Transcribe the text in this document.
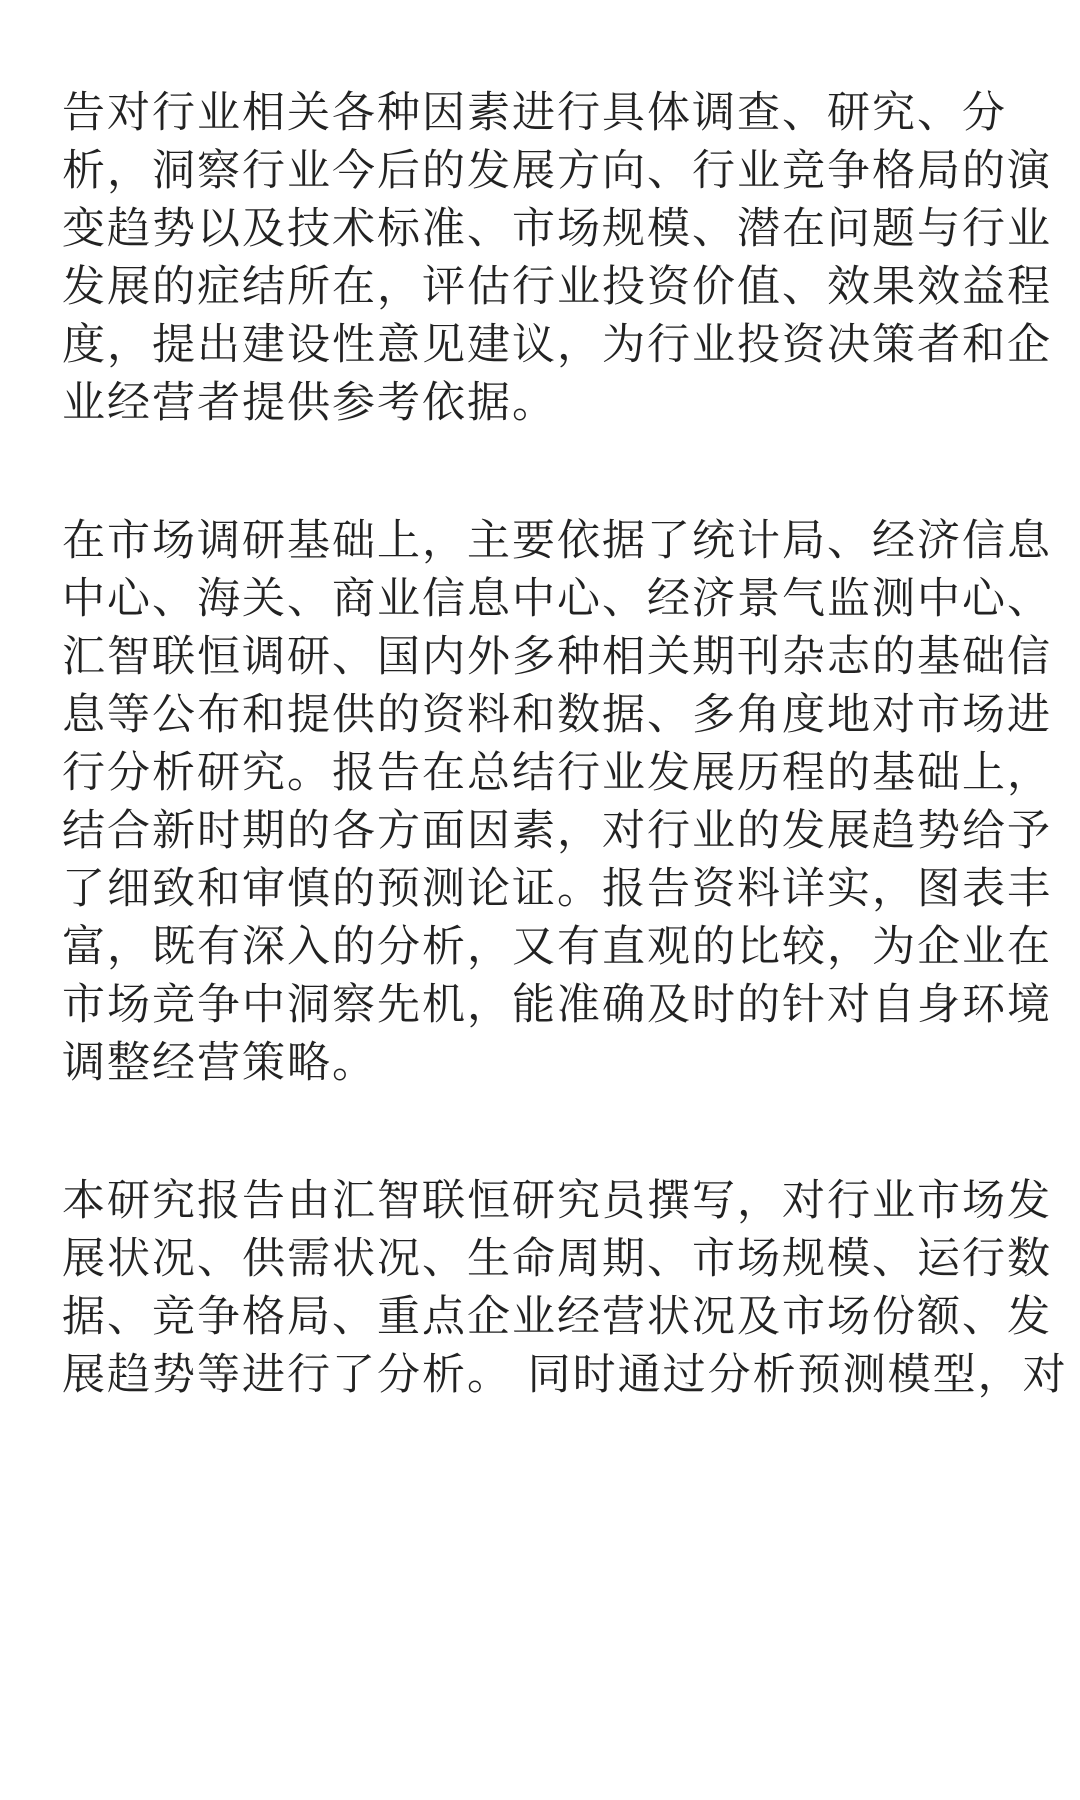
告对行业相关各种因素进行具体调查、研究、分
析，洞察行业今后的发展方向、行业竞争格局的演
变趋势以及技术标准、市场规模、潜在问题与行业
发展的症结所在，评估行业投资价值、效果效益程
度，提出建设性意见建议，为行业投资决策者和企
业经营者提供参考依据。
在市场调研基础上，主要依据了统计局、经济信息
中心、海关、商业信息中心、经济景气监测中心、
汇智联恒调研、国内外多种相关期刊杂志的基础信
息等公布和提供的资料和数据、多角度地对市场进
行分析研究。报告在总结行业发展历程的基础上，
结合新时期的各方面因素，对行业的发展趋势给予
了细致和审慎的预测论证。报告资料详实，图表丰
富，既有深入的分析，又有直观的比较，为企业在
市场竞争中洞察先机，能准确及时的针对自身环境
调整经营策略。
本研究报告由汇智联恒研究员撰写，对行业市场发
展状况、供需状况、生命周期、市场规模、运行数
据、竞争格局、重点企业经营状况及市场份额、发
展趋势等进行了分析。 同时通过分析预测模型，对
